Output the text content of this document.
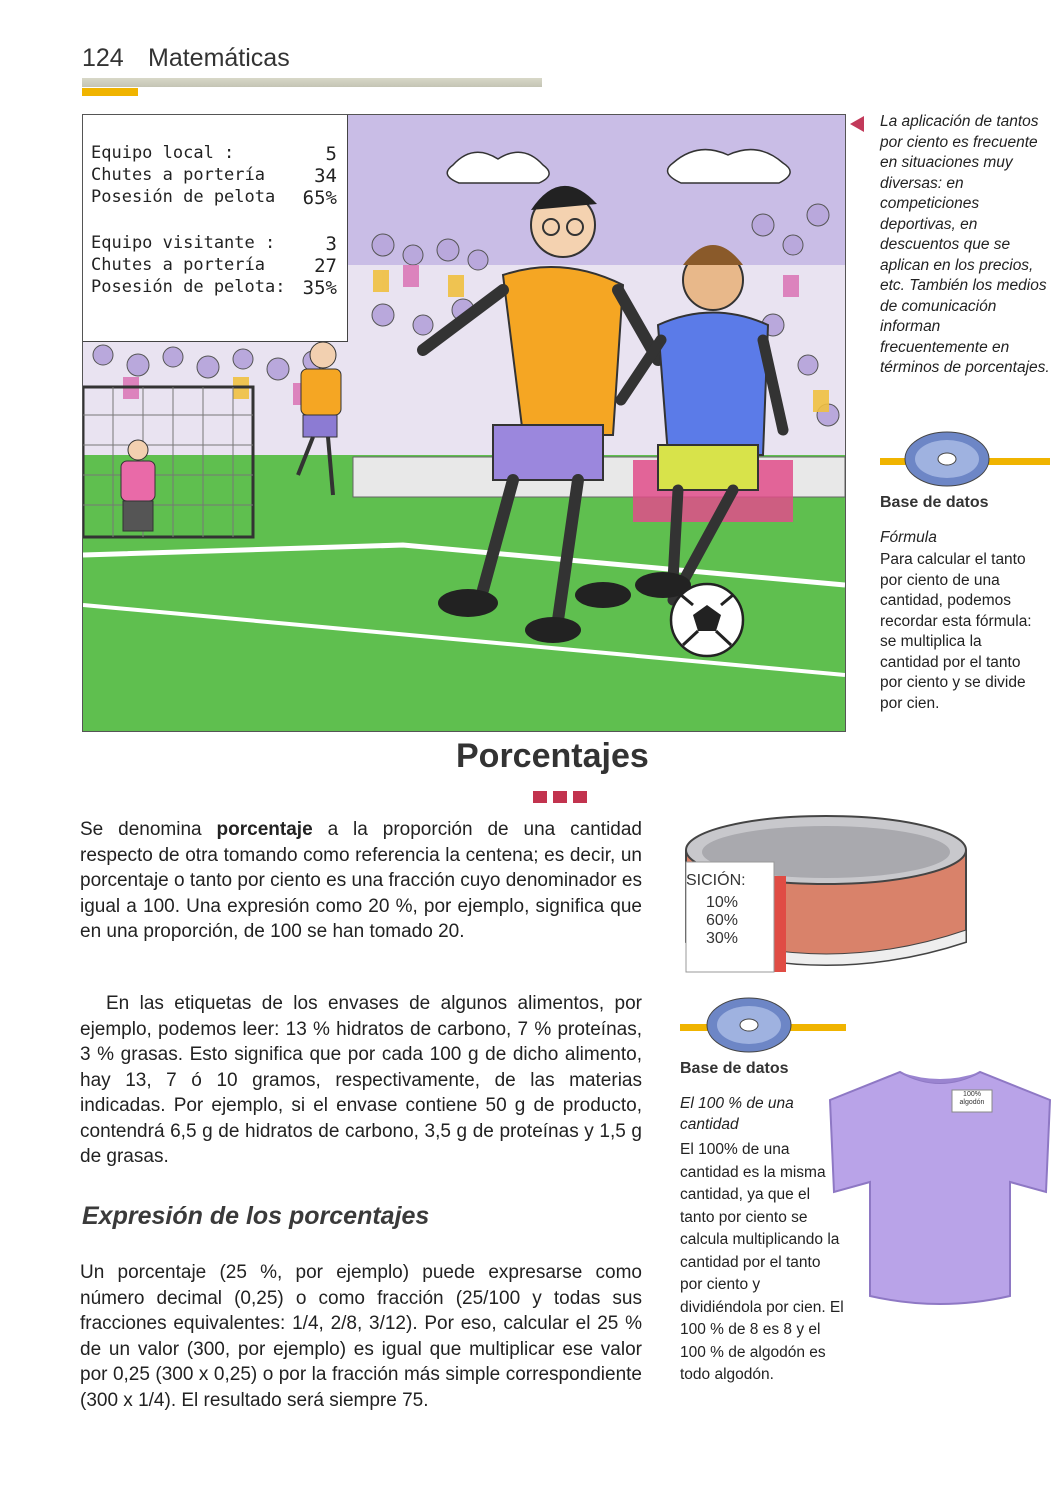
124 Matemáticas
Equipo local :	5
Chutes a portería	34
Posesión de pelota 65%
Equipo visitante :	3
Chutes a portería	27
Posesión de pelota: 35%
La aplicación de tantos por ciento es frecuente en situaciones muy diversas: en competiciones deportivas, en descuentos que se aplican en los precios, etc. También los medios de comunicación informan frecuentemente en términos de porcentajes.
Base de datos
Fórmula
Para calcular el tanto por ciento de una cantidad, podemos recordar esta fórmula: se multiplica la cantidad por el tanto por ciento y se divide por cien.
SICIÓN:
10%
60%
30%
Base de datos
100%
algodón
El 100 % de una cantidad
El 100% de una cantidad es la misma cantidad, ya que el tanto por ciento se calcula multiplicando la cantidad por el tanto por ciento y dividiéndola por cien. El 100 % de 8 es 8 y el 100 % de algodón es todo algodón.
Porcentajes
Se denomina porcentaje a la proporción de una cantidad respecto de otra tomando como referencia la centena; es decir, un porcentaje o tanto por ciento es una fracción cuyo denominador es igual a 100. Una expresión como 20 %, por ejemplo, significa que en una proporción, de 100 se han tomado 20.
En las etiquetas de los envases de algunos alimentos, por ejemplo, podemos leer: 13 % hidratos de carbono, 7 % proteínas, 3 % grasas. Esto significa que por cada 100 g de dicho alimento, hay 13, 7 ó 10 gramos, respectivamente, de las materias indicadas. Por ejemplo, si el envase contiene 50 g de producto, contendrá 6,5 g de hidratos de carbono, 3,5 g de proteínas y 1,5 g de grasas.
Expresión de los porcentajes
Un porcentaje (25 %, por ejemplo) puede expresarse como número decimal (0,25) o como fracción (25/100 y todas sus fracciones equivalentes: 1/4, 2/8, 3/12). Por eso, calcular el 25 % de un valor (300, por ejemplo) es igual que multiplicar ese valor por 0,25 (300 x 0,25) o por la fracción más simple correspondiente (300 x 1/4). El resultado será siempre 75.
